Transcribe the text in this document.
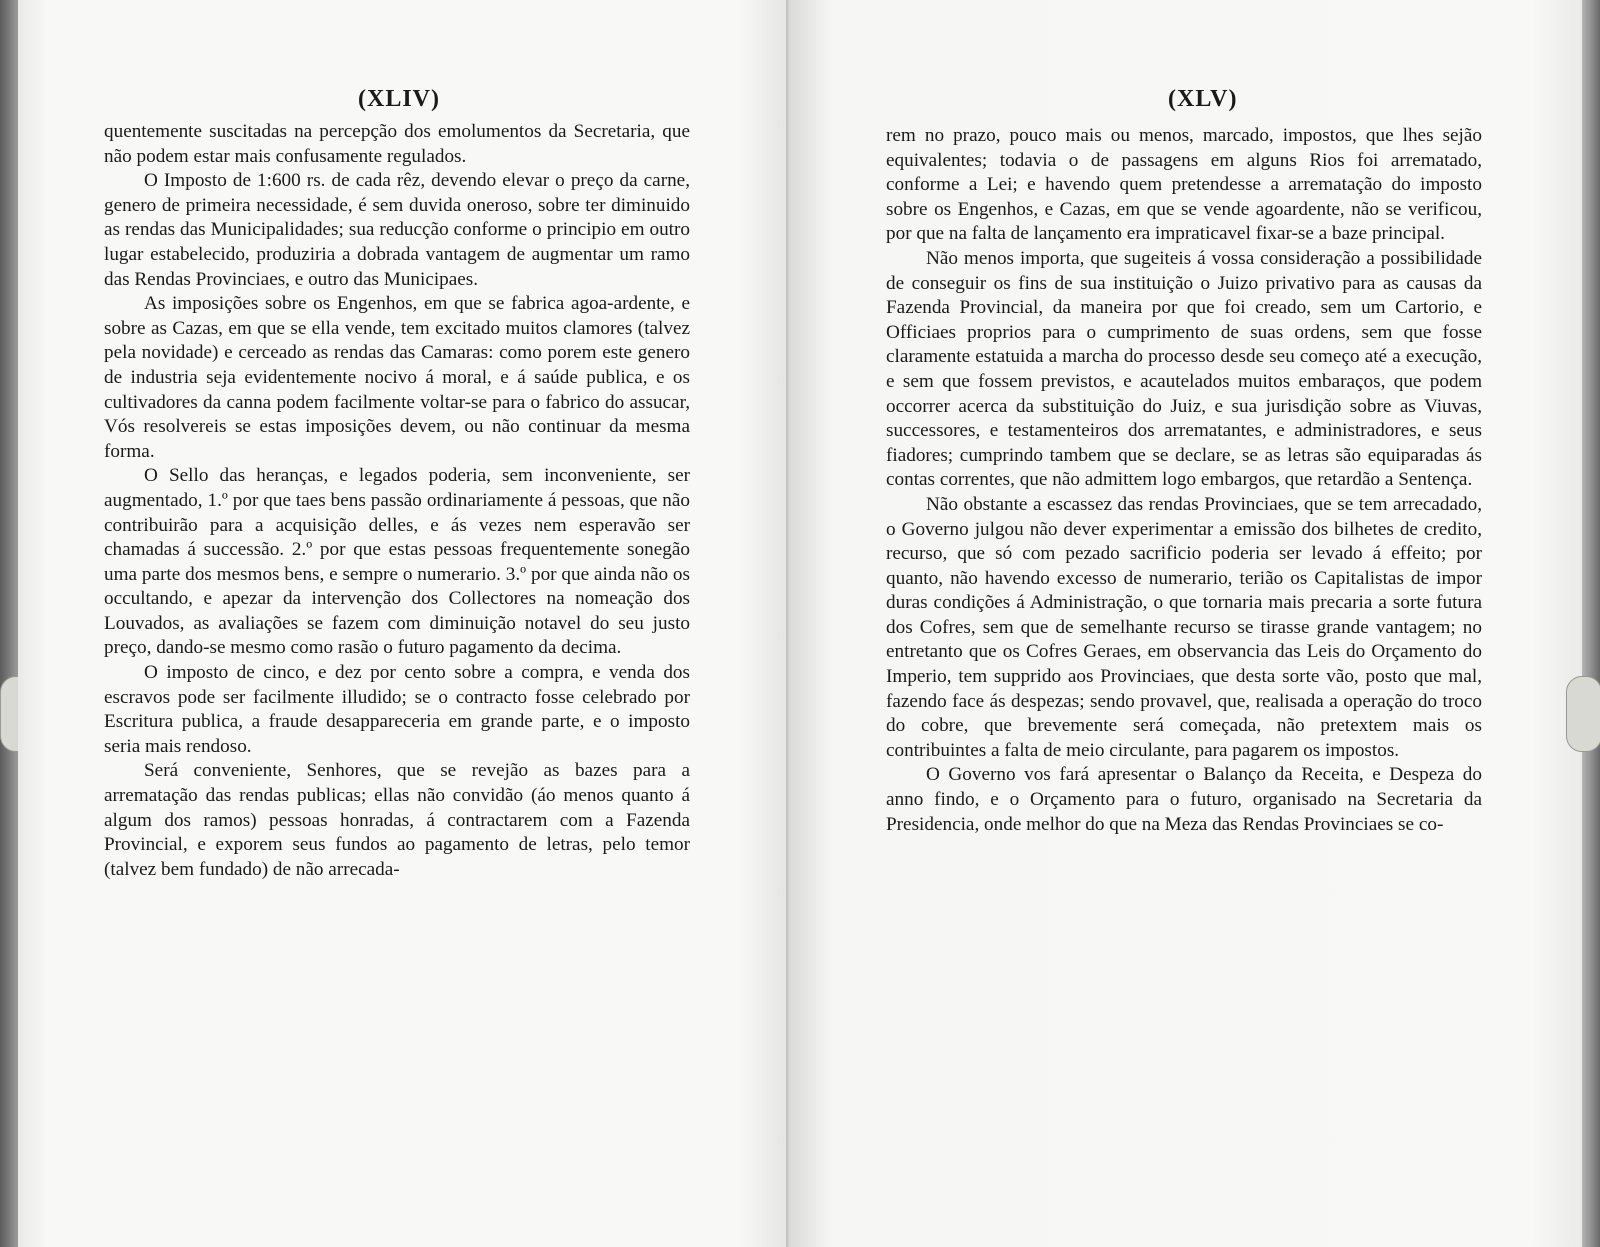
(XLIV)

quentemente suscitadas na percepção dos emolumentos da Secretaria, que não podem estar mais confusamente regulados.

O Imposto de 1:600 rs. de cada rêz, devendo elevar o preço da carne, genero de primeira necessidade, é sem duvida oneroso, sobre ter diminuido as rendas das Municipalidades; sua reducção conforme o principio em outro lugar estabelecido, produziria a dobrada vantagem de augmentar um ramo das Rendas Provinciaes, e outro das Municipaes.

As imposições sobre os Engenhos, em que se fabrica agoa-ardente, e sobre as Cazas, em que se ella vende, tem excitado muitos clamores (talvez pela novidade) e cerceado as rendas das Camaras: como porem este genero de industria seja evidentemente nocivo á moral, e á saúde publica, e os cultivadores da canna podem facilmente voltar-se para o fabrico do assucar, Vós resolvereis se estas imposições devem, ou não continuar da mesma forma.

O Sello das heranças, e legados poderia, sem inconveniente, ser augmentado, 1.º por que taes bens passão ordinariamente á pessoas, que não contribuirão para a acquisição delles, e ás vezes nem esperavão ser chamadas á successão. 2.º por que estas pessoas frequentemente sonegão uma parte dos mesmos bens, e sempre o numerario. 3.º por que ainda não os occultando, e apezar da intervenção dos Collectores na nomeação dos Louvados, as avaliações se fazem com diminuição notavel do seu justo preço, dando-se mesmo como rasão o futuro pagamento da decima.

O imposto de cinco, e dez por cento sobre a compra, e venda dos escravos pode ser facilmente illudido; se o contracto fosse celebrado por Escritura publica, a fraude desappareceria em grande parte, e o imposto seria mais rendoso.

Será conveniente, Senhores, que se revejão as bazes para a arrematação das rendas publicas; ellas não convidão (áo menos quanto á algum dos ramos) pessoas honradas, á contractarem com a Fazenda Provincial, e exporem seus fundos ao pagamento de letras, pelo temor (talvez bem fundado) de não arrecada-

(XLV)

rem no prazo, pouco mais ou menos, marcado, impostos, que lhes sejão equivalentes; todavia o de passagens em alguns Rios foi arrematado, conforme a Lei; e havendo quem pretendesse a arrematação do imposto sobre os Engenhos, e Cazas, em que se vende agoardente, não se verificou, por que na falta de lançamento era impraticavel fixar-se a baze principal.

Não menos importa, que sugeiteis á vossa consideração a possibilidade de conseguir os fins de sua instituição o Juizo privativo para as causas da Fazenda Provincial, da maneira por que foi creado, sem um Cartorio, e Officiaes proprios para o cumprimento de suas ordens, sem que fosse claramente estatuida a marcha do processo desde seu começo até a execução, e sem que fossem previstos, e acautelados muitos embaraços, que podem occorrer acerca da substituição do Juiz, e sua jurisdição sobre as Viuvas, successores, e testamenteiros dos arrematantes, e administradores, e seus fiadores; cumprindo tambem que se declare, se as letras são equiparadas ás contas correntes, que não admittem logo embargos, que retardão a Sentença.

Não obstante a escassez das rendas Provinciaes, que se tem arrecadado, o Governo julgou não dever experimentar a emissão dos bilhetes de credito, recurso, que só com pezado sacrificio poderia ser levado á effeito; por quanto, não havendo excesso de numerario, terião os Capitalistas de impor duras condições á Administração, o que tornaria mais precaria a sorte futura dos Cofres, sem que de semelhante recurso se tirasse grande vantagem; no entretanto que os Cofres Geraes, em observancia das Leis do Orçamento do Imperio, tem supprido aos Provinciaes, que desta sorte vão, posto que mal, fazendo face ás despezas; sendo provavel, que, realisada a operação do troco do cobre, que brevemente será começada, não pretextem mais os contribuintes a falta de meio circulante, para pagarem os impostos.

O Governo vos fará apresentar o Balanço da Receita, e Despeza do anno findo, e o Orçamento para o futuro, organisado na Secretaria da Presidencia, onde melhor do que na Meza das Rendas Provinciaes se co-
